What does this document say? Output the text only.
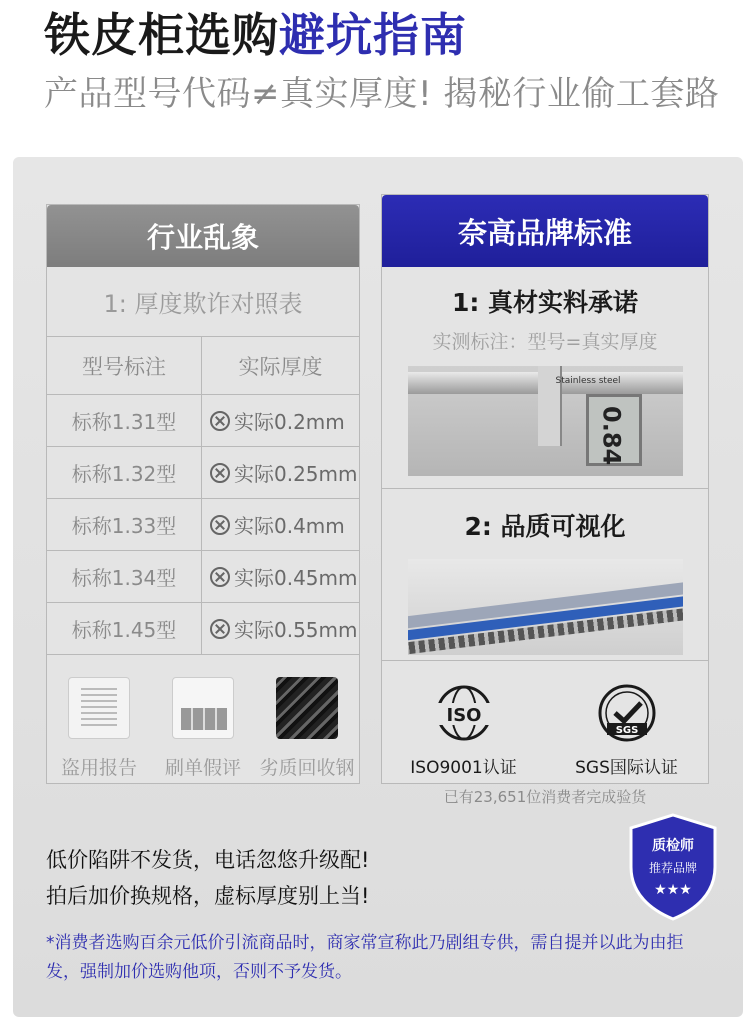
铁皮柜选购避坑指南
产品型号代码≠真实厚度! 揭秘行业偷工套路
行业乱象
1: 厚度欺诈对照表
型号标注	实际厚度
标称1.31型	实际0.2mm
标称1.32型	实际0.25mm
标称1.33型	实际0.4mm
标称1.34型	实际0.45mm
标称1.45型	实际0.55mm
盗用报告 刷单假评 劣质回收钢
奈高品牌标准
1: 真材实料承诺
实测标注：型号=真实厚度
0.84
Stainless steel
2: 品质可视化
ISO
ISO9001认证
SGS
SGS国际认证
已有23,651位消费者完成验货
低价陷阱不发货，电话忽悠升级配!
拍后加价换规格，虚标厚度别上当!
质检师
推荐品牌
★★★
*消费者选购百余元低价引流商品时，商家常宣称此乃剧组专供，需自提并以此为由拒发，强制加价选购他项，否则不予发货。
